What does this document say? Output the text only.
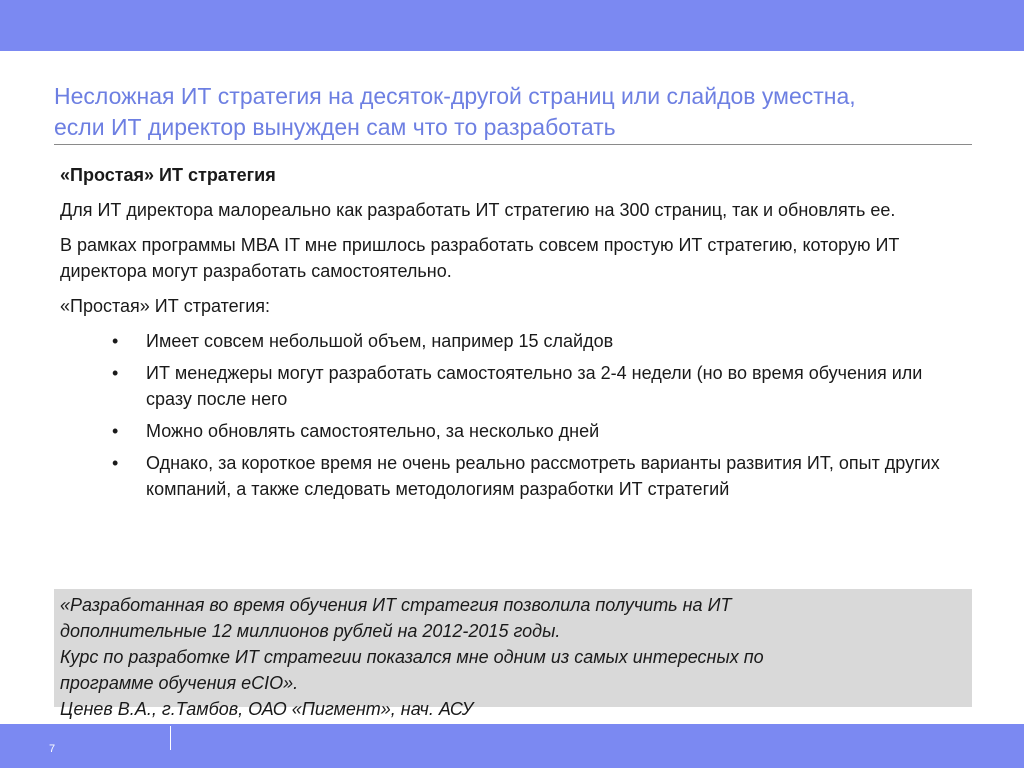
Несложная ИТ стратегия на десяток-другой страниц или слайдов уместна,
если ИТ директор вынужден сам что то разработать
«Простая» ИТ стратегия
Для ИТ директора малореально как разработать ИТ стратегию на 300 страниц, так и обновлять ее.
В рамках программы МВА IT мне пришлось разработать совсем простую ИТ стратегию, которую ИТ директора могут разработать самостоятельно.
«Простая» ИТ стратегия:
• Имеет совсем небольшой объем, например 15 слайдов
• ИТ менеджеры могут разработать самостоятельно за 2-4 недели (но во время обучения или сразу после него
• Можно обновлять самостоятельно, за несколько дней
• Однако, за короткое время не очень реально рассмотреть варианты развития ИТ, опыт других компаний, а также следовать методологиям разработки ИТ стратегий
«Разработанная во время обучения ИТ стратегия позволила получить на ИТ
дополнительные 12 миллионов рублей на 2012-2015 годы.
Курс по разработке ИТ стратегии показался мне одним из самых интересных по
программе обучения eCIO».
Ценев В.А., г.Тамбов, ОАО «Пигмент», нач. АСУ
7
